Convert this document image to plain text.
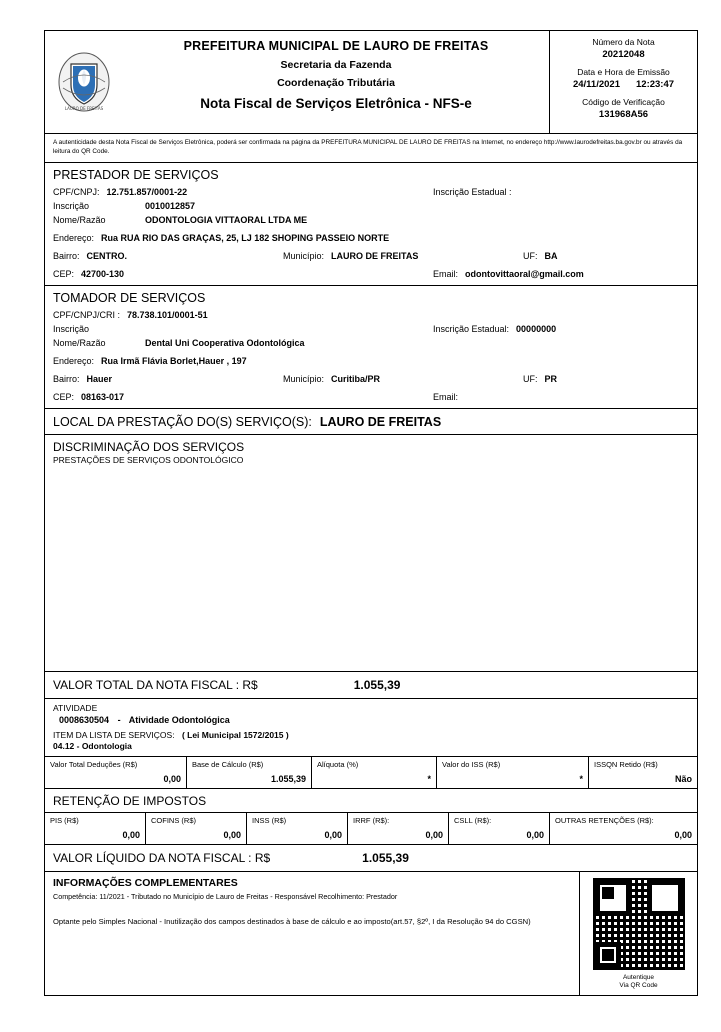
LAURO DE FREITAS
PREFEITURA MUNICIPAL DE LAURO DE FREITAS
Secretaria da Fazenda
Coordenação Tributária
Nota Fiscal de Serviços Eletrônica - NFS-e
Número da Nota
20212048
Data e Hora de Emissão
24/11/2021 12:23:47
Código de Verificação
131968A56
A autenticidade desta Nota Fiscal de Serviços Eletrônica, poderá ser confirmada na página da PREFEITURA MUNICIPAL DE LAURO DE FREITAS na Internet, no endereço http://www.laurodefreitas.ba.gov.br ou através da leitura do QR Code.
PRESTADOR DE SERVIÇOS
CPF/CNPJ: 12.751.857/0001-22	Inscrição Estadual :
Inscrição	0010012857
Nome/Razão	ODONTOLOGIA VITTAORAL LTDA ME
Endereço: Rua RUA RIO DAS GRAÇAS, 25, LJ 182 SHOPING PASSEIO NORTE
Bairro: CENTRO.	Município: LAURO DE FREITAS	UF: BA
CEP: 42700-130	Email: odontovittaoral@gmail.com
TOMADOR DE SERVIÇOS
CPF/CNPJ/CRI : 78.738.101/0001-51
Inscrição	Inscrição Estadual: 00000000
Nome/Razão	Dental Uni Cooperativa Odontológica
Endereço: Rua Irmã Flávia Borlet,Hauer , 197
Bairro: Hauer	Município: Curitiba/PR	UF: PR
CEP: 08163-017	Email:
LOCAL DA PRESTAÇÃO DO(S) SERVIÇO(S): LAURO DE FREITAS
DISCRIMINAÇÃO DOS SERVIÇOS
PRESTAÇÕES DE SERVIÇOS ODONTOLÓGICO
VALOR TOTAL DA NOTA FISCAL : R$	1.055,39
ATIVIDADE
0008630504 - Atividade Odontológica
ITEM DA LISTA DE SERVIÇOS: ( Lei Municipal 1572/2015 )
04.12 - Odontologia
Valor Total Deduções (R$)
0,00
Base de Cálculo (R$)
1.055,39
Alíquota (%)
*
Valor do ISS (R$)
*
ISSQN Retido (R$)
Não
RETENÇÃO DE IMPOSTOS
PIS (R$)
0,00
COFINS (R$)
0,00
INSS (R$)
0,00
IRRF (R$):
0,00
CSLL (R$):
0,00
OUTRAS RETENÇÕES (R$):
0,00
VALOR LÍQUIDO DA NOTA FISCAL : R$	1.055,39
INFORMAÇÕES COMPLEMENTARES
Competência: 11/2021 - Tributado no Município de Lauro de Freitas - Responsável Recolhimento: Prestador
Optante pelo Simples Nacional - Inutilização dos campos destinados à base de cálculo e ao imposto(art.57, §2º, I da Resolução 94 do CGSN)
Autentique
Via QR Code
